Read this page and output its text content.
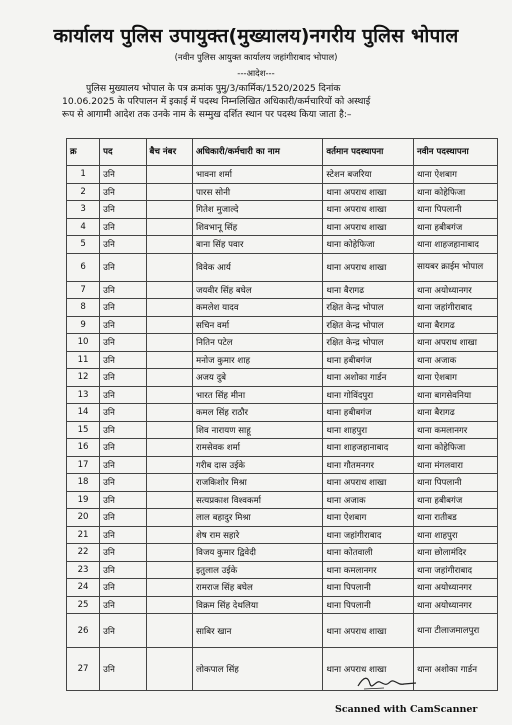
कार्यालय पुलिस उपायुक्त(मुख्यालय)नगरीय पुलिस भोपाल
(नवीन पुलिस आयुक्त कार्यालय जहांगीराबाद भोपाल)
---आदेश---
पुलिस मुख्यालय भोपाल के पत्र क्रमांक पुमु/3/कार्मिक/1520/2025 दिनांक
10.06.2025 के परिपालन में इकाई में पदस्थ निम्नलिखित अधिकारी/कर्मचारियों को अस्थाई
रूप से आगामी आदेश तक उनके नाम के सम्मुख दर्शित स्थान पर पदस्थ किया जाता है:–
क्र	पद	बैच नंबर	अधिकारी/कर्मचारी का नाम	वर्तमान पदस्थापना	नवीन पदस्थापना
1	उनि		भावना शर्मा	स्टेशन बजरिया	थाना ऐशबाग
2	उनि		पारस सोनी	थाना अपराध शाखा	थाना कोहेफिजा
3	उनि		गितेश मुजाल्दे	थाना अपराध शाखा	थाना पिपलानी
4	उनि		शिवभानू सिंह	थाना अपराध शाखा	थाना हबीबगंज
5	उनि		बाना सिंह पवार	थाना कोहेफिजा	थाना शाहजहानाबाद
6	उनि		विवेक आर्य	थाना अपराध शाखा	सायबर क्राईम भोपाल
7	उनि		जयवीर सिंह बघेल	थाना बैरागढ	थाना अयोध्यानगर
8	उनि		कमलेश यादव	रक्षित केन्द्र भोपाल	थाना जहांगीराबाद
9	उनि		सचिन वर्मा	रक्षित केन्द्र भोपाल	थाना बैरागढ
10	उनि		नितिन पटेल	रक्षित केन्द्र भोपाल	थाना अपराध शाखा
11	उनि		मनोज कुमार शाह	थाना हबीबगंज	थाना अजाक
12	उनि		अजय दुबे	थाना अशोका गार्डन	थाना ऐशबाग
13	उनि		भारत सिंह मीना	थाना गोविंदपुरा	थाना बागसेवनिया
14	उनि		कमल सिंह राठौर	थाना हबीबगंज	थाना बैरागढ
15	उनि		शिव नारायण साहू	थाना शाहपुरा	थाना कमलानगर
16	उनि		रामसेवक शर्मा	थाना शाहजहानाबाद	थाना कोहेफिजा
17	उनि		गरीब दास उईके	थाना गौतमनगर	थाना मंगलवारा
18	उनि		राजकिशोर मिश्रा	थाना अपराध शाखा	थाना पिपलानी
19	उनि		सत्यप्रकाश विश्वकर्मा	थाना अजाक	थाना हबीबगंज
20	उनि		लाल बहादुर मिश्रा	थाना ऐशबाग	थाना रातीबड
21	उनि		शेष राम सहारे	थाना जहांगीराबाद	थाना शाहपुरा
22	उनि		विजय कुमार द्विवेदी	थाना कोतवाली	थाना छोलामंदिर
23	उनि		इतुलाल उईके	थाना कमलानगर	थाना जहांगीराबाद
24	उनि		रामराज सिंह बघेल	थाना पिपलानी	थाना अयोध्यानगर
25	उनि		विक्रम सिंह देथलिया	थाना पिपलानी	थाना अयोध्यानगर
26	उनि		साबिर खान	थाना अपराध शाखा	थाना टीलाजमालपुरा
27	उनि		लोकपाल सिंह	थाना अपराध शाखा	थाना अशोका गार्डन
Scanned with CamScanner
